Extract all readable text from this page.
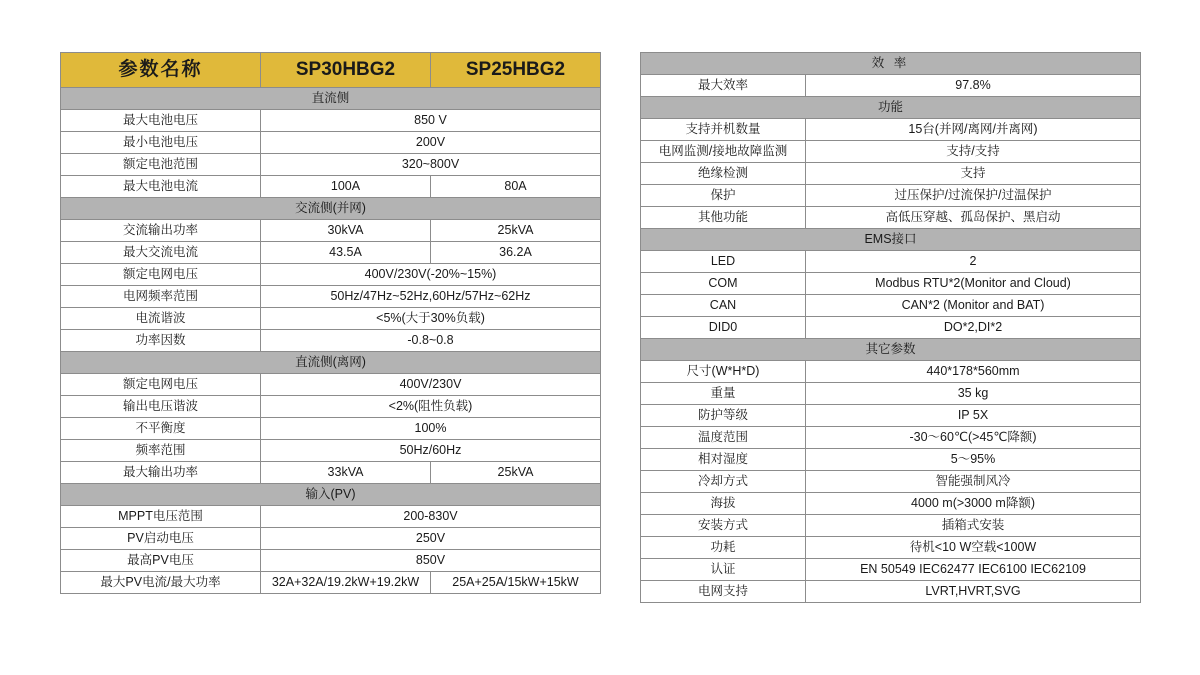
参数名称	SP30HBG2	SP25HBG2
直流侧		
最大电池电压	850 V	
最小电池电压	200V	
额定电池范围	320~800V	
最大电池电流	100A	80A
交流侧(并网)		
交流输出功率	30kVA	25kVA
最大交流电流	43.5A	36.2A
额定电网电压	400V/230V(-20%~15%)	
电网频率范围	50Hz/47Hz~52Hz,60Hz/57Hz~62Hz	
电流谐波	<5%(大于30%负载)	
功率因数	-0.8~0.8	
直流侧(离网)		
额定电网电压	400V/230V	
输出电压谐波	<2%(阻性负载)	
不平衡度	100%	
频率范围	50Hz/60Hz	
最大输出功率	33kVA	25kVA
输入(PV)		
MPPT电压范围	200-830V	
PV启动电压	250V	
最高PV电压	850V	
最大PV电流/最大功率	32A+32A/19.2kW+19.2kW	25A+25A/15kW+15kW
效 率	
最大效率	97.8%
功能	
支持并机数量	15台(并网/离网/并离网)
电网监测/接地故障监测	支持/支持
绝缘检测	支持
保护	过压保护/过流保护/过温保护
其他功能	高低压穿越、孤岛保护、黑启动
EMS接口	
LED	2
COM	Modbus RTU*2(Monitor and Cloud)
CAN	CAN*2 (Monitor and BAT)
DID0	DO*2,DI*2
其它参数	
尺寸(W*H*D)	440*178*560mm
重量	35 kg
防护等级	IP 5X
温度范围	-30～60℃(>45℃降额)
相对湿度	5～95%
冷却方式	智能强制风冷
海拔	4000 m(>3000 m降额)
安装方式	插箱式安装
功耗	待机<10 W空载<100W
认证	EN 50549 IEC62477 IEC6100 IEC62109
电网支持	LVRT,HVRT,SVG
